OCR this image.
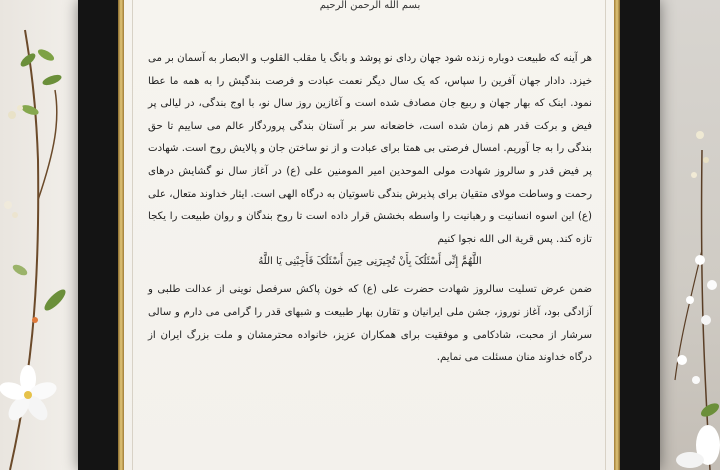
بسم الله الرحمن الرحیم

هر آینه که طبیعت دوباره زنده شود جهان ردای نو پوشد و بانگ یا مقلب القلوب و الابصار به آسمان بر می خیزد. دادار جهان آفرین را سپاس، که یک سال دیگر نعمت عبادت و فرصت بندگیش را به همه ما عطا نمود. اینک که بهار جهان و ربیع جان مصادف شده است و آغازین روز سال نو، با اوج بندگی، در لیالی پر فیض و برکت قدر هم زمان شده است، خاضعانه سر بر آستان بندگی پروردگار عالم می ساییم تا حق بندگی را به جا آوریم. امسال فرصتی بی همتا برای عبادت و از نو ساختن جان و پالایش روح است. شهادت پر فیض قدر و سالروز شهادت مولی الموحدین امیر المومنین علی (ع) در آغاز سال نو گشایش درهای رحمت و وساطت مولای متقیان برای پذیرش بندگی ناسوتیان به درگاه الهی است. ایثار خداوند متعال، علی (ع) این اسوه انسانیت و رهبانیت را واسطه بخشش قرار داده است تا روح بندگان و روان طبیعت را یکجا تازه کند. پس قریة الی الله نجوا کنیم

اللَّهُمَّ إِنِّی أَسْئَلُکَ بِأَنْ تُجِیرَنِی حِینَ أَسْئَلُکَ فَأَجِبْنِی یَا اللَّهُ

ضمن عرض تسلیت سالروز شهادت حضرت علی (ع) که خون پاکش سرفصل نوینی از عدالت طلبی و آزادگی بود، آغاز نوروز، جشن ملی ایرانیان و تقارن بهار طبیعت و شبهای قدر را گرامی می دارم و سالی سرشار از محبت، شادکامی و موفقیت برای همکاران عزیز، خانواده محترمشان و ملت بزرگ ایران از درگاه خداوند منان مسئلت می نمایم.
